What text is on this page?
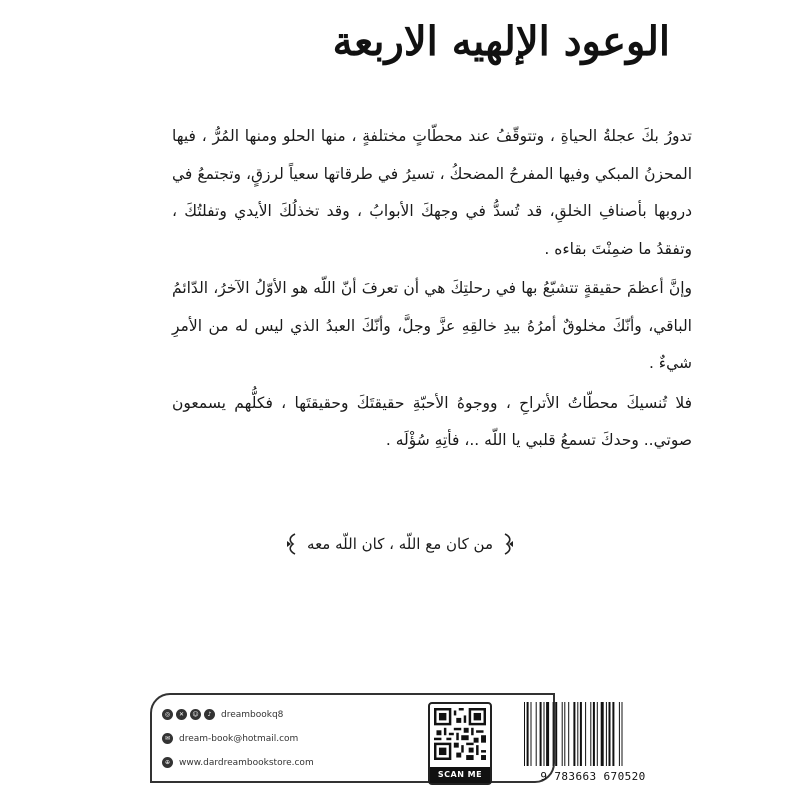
الوعود الإلهيه الاربعة

تدورُ بكَ عجلةُ الحياةِ ، وتتوقّفُ عند محطّاتٍ مختلفةٍ ، منها الحلو ومنها المُرُّ ، فيها المحزنُ المبكي وفيها المفرحُ المضحكُ ، تسيرُ في طرقاتها سعياً لرزقٍ، وتجتمعُ في دروبها بأصنافِ الخلقِ، قد تُسدُّ في وجهكَ الأبوابُ ، وقد تخذلُكَ الأيدي وتفلتُكَ ، وتفقدُ ما ضمِنْتَ بقاءه .

وإنَّ أعظمَ حقيقةٍ تتشبّعُ بها في رحلتِكَ هي أن تعرفَ أنّ اللّه هو الأوّلُ الآخرُ، الدّائمُ الباقي، وأنّكَ مخلوقٌ أمرُهُ بيدِ خالقِهِ عزَّ وجلَّ، وأنّكَ العبدُ الذي ليس له من الأمرِ شيءٌ .

فلا تُنسيكَ محطّاتُ الأتراحِ ، ووجوهُ الأحبّةِ حقيقتَكَ وحقيقتَها ، فكلُّهم يسمعون صوتي.. وحدكَ تسمعُ قلبي يا اللّه ..، فأتِهِ سُؤْلَه .

من كان مع اللّه ، كان اللّه معه
◎	✕	☺	♪	dreambookq8
✉ dream-book@hotmail.com
⊕ www.dardreambookstore.com
SCAN ME	9 783663 670520
